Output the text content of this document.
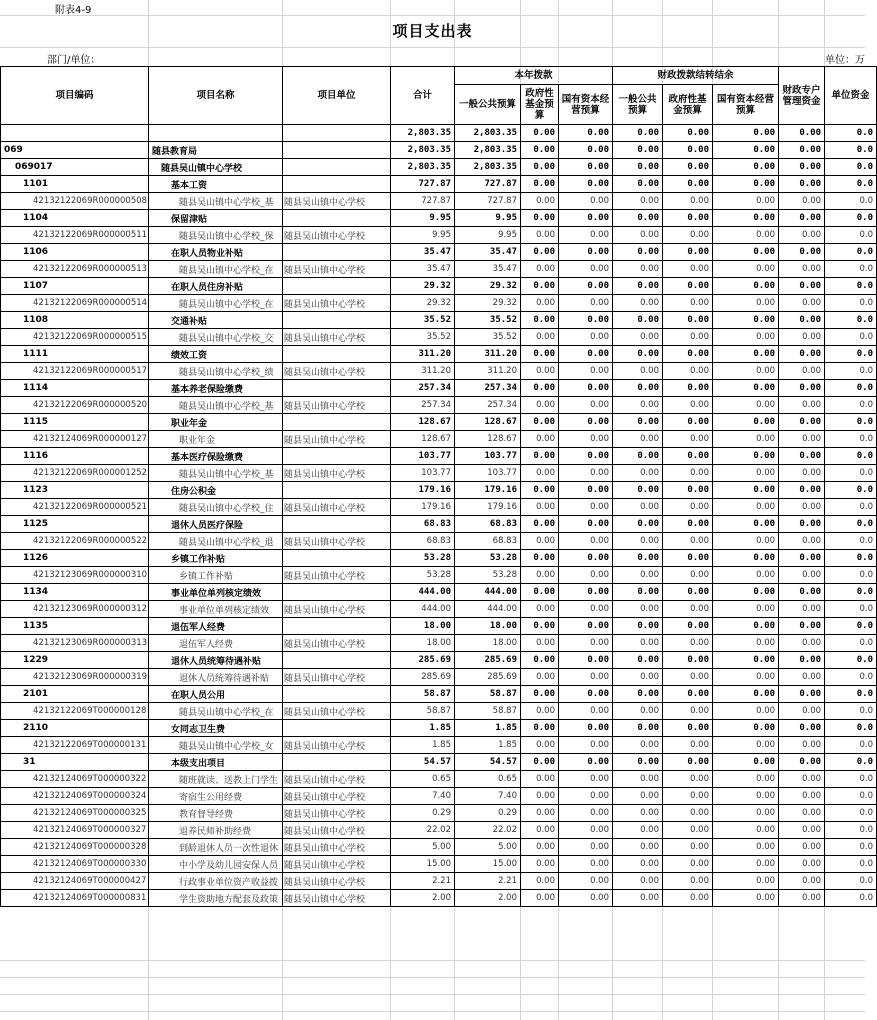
附表4-9
项目支出表
部门/单位：	单位：万
项目编码	项目名称	项目单位	合计	本年拨款			财政拨款结转结余			财政专户管理资金	单位资金
				一般公共预算	政府性基金预算	国有资本经营预算	一般公共预算	政府性基金预算	国有资本经营预算		
			2,803.35	2,803.35	0.00	0.00	0.00	0.00	0.00	0.00	0.0
069	随县教育局		2,803.35	2,803.35	0.00	0.00	0.00	0.00	0.00	0.00	0.0
069017	随县吴山镇中心学校		2,803.35	2,803.35	0.00	0.00	0.00	0.00	0.00	0.00	0.0
1101	基本工资		727.87	727.87	0.00	0.00	0.00	0.00	0.00	0.00	0.0
42132122069R000000508	随县吴山镇中心学校_基	随县吴山镇中心学校	727.87	727.87	0.00	0.00	0.00	0.00	0.00	0.00	0.0
1104	保留津贴		9.95	9.95	0.00	0.00	0.00	0.00	0.00	0.00	0.0
42132122069R000000511	随县吴山镇中心学校_保	随县吴山镇中心学校	9.95	9.95	0.00	0.00	0.00	0.00	0.00	0.00	0.0
1106	在职人员物业补贴		35.47	35.47	0.00	0.00	0.00	0.00	0.00	0.00	0.0
42132122069R000000513	随县吴山镇中心学校_在	随县吴山镇中心学校	35.47	35.47	0.00	0.00	0.00	0.00	0.00	0.00	0.0
1107	在职人员住房补贴		29.32	29.32	0.00	0.00	0.00	0.00	0.00	0.00	0.0
42132122069R000000514	随县吴山镇中心学校_在	随县吴山镇中心学校	29.32	29.32	0.00	0.00	0.00	0.00	0.00	0.00	0.0
1108	交通补贴		35.52	35.52	0.00	0.00	0.00	0.00	0.00	0.00	0.0
42132122069R000000515	随县吴山镇中心学校_交	随县吴山镇中心学校	35.52	35.52	0.00	0.00	0.00	0.00	0.00	0.00	0.0
1111	绩效工资		311.20	311.20	0.00	0.00	0.00	0.00	0.00	0.00	0.0
42132122069R000000517	随县吴山镇中心学校_绩	随县吴山镇中心学校	311.20	311.20	0.00	0.00	0.00	0.00	0.00	0.00	0.0
1114	基本养老保险缴费		257.34	257.34	0.00	0.00	0.00	0.00	0.00	0.00	0.0
42132122069R000000520	随县吴山镇中心学校_基	随县吴山镇中心学校	257.34	257.34	0.00	0.00	0.00	0.00	0.00	0.00	0.0
1115	职业年金		128.67	128.67	0.00	0.00	0.00	0.00	0.00	0.00	0.0
42132124069R000000127	职业年金	随县吴山镇中心学校	128.67	128.67	0.00	0.00	0.00	0.00	0.00	0.00	0.0
1116	基本医疗保险缴费		103.77	103.77	0.00	0.00	0.00	0.00	0.00	0.00	0.0
42132122069R000001252	随县吴山镇中心学校_基	随县吴山镇中心学校	103.77	103.77	0.00	0.00	0.00	0.00	0.00	0.00	0.0
1123	住房公积金		179.16	179.16	0.00	0.00	0.00	0.00	0.00	0.00	0.0
42132122069R000000521	随县吴山镇中心学校_住	随县吴山镇中心学校	179.16	179.16	0.00	0.00	0.00	0.00	0.00	0.00	0.0
1125	退休人员医疗保险		68.83	68.83	0.00	0.00	0.00	0.00	0.00	0.00	0.0
42132122069R000000522	随县吴山镇中心学校_退	随县吴山镇中心学校	68.83	68.83	0.00	0.00	0.00	0.00	0.00	0.00	0.0
1126	乡镇工作补贴		53.28	53.28	0.00	0.00	0.00	0.00	0.00	0.00	0.0
42132123069R000000310	乡镇工作补贴	随县吴山镇中心学校	53.28	53.28	0.00	0.00	0.00	0.00	0.00	0.00	0.0
1134	事业单位单列核定绩效		444.00	444.00	0.00	0.00	0.00	0.00	0.00	0.00	0.0
42132123069R000000312	事业单位单列核定绩效	随县吴山镇中心学校	444.00	444.00	0.00	0.00	0.00	0.00	0.00	0.00	0.0
1135	退伍军人经费		18.00	18.00	0.00	0.00	0.00	0.00	0.00	0.00	0.0
42132123069R000000313	退伍军人经费	随县吴山镇中心学校	18.00	18.00	0.00	0.00	0.00	0.00	0.00	0.00	0.0
1229	退休人员统筹待遇补贴		285.69	285.69	0.00	0.00	0.00	0.00	0.00	0.00	0.0
42132123069R000000319	退休人员统筹待遇补贴	随县吴山镇中心学校	285.69	285.69	0.00	0.00	0.00	0.00	0.00	0.00	0.0
2101	在职人员公用		58.87	58.87	0.00	0.00	0.00	0.00	0.00	0.00	0.0
42132122069T000000128	随县吴山镇中心学校_在	随县吴山镇中心学校	58.87	58.87	0.00	0.00	0.00	0.00	0.00	0.00	0.0
2110	女同志卫生费		1.85	1.85	0.00	0.00	0.00	0.00	0.00	0.00	0.0
42132122069T000000131	随县吴山镇中心学校_女	随县吴山镇中心学校	1.85	1.85	0.00	0.00	0.00	0.00	0.00	0.00	0.0
31	本级支出项目		54.57	54.57	0.00	0.00	0.00	0.00	0.00	0.00	0.0
42132124069T000000322	随班就读、送教上门学生	随县吴山镇中心学校	0.65	0.65	0.00	0.00	0.00	0.00	0.00	0.00	0.0
42132124069T000000324	寄宿生公用经费	随县吴山镇中心学校	7.40	7.40	0.00	0.00	0.00	0.00	0.00	0.00	0.0
42132124069T000000325	教育督导经费	随县吴山镇中心学校	0.29	0.29	0.00	0.00	0.00	0.00	0.00	0.00	0.0
42132124069T000000327	退养民师补助经费	随县吴山镇中心学校	22.02	22.02	0.00	0.00	0.00	0.00	0.00	0.00	0.0
42132124069T000000328	到龄退休人员一次性退休	随县吴山镇中心学校	5.00	5.00	0.00	0.00	0.00	0.00	0.00	0.00	0.0
42132124069T000000330	中小学及幼儿园安保人员	随县吴山镇中心学校	15.00	15.00	0.00	0.00	0.00	0.00	0.00	0.00	0.0
42132124069T000000427	行政事业单位资产收益拨	随县吴山镇中心学校	2.21	2.21	0.00	0.00	0.00	0.00	0.00	0.00	0.0
42132124069T000000831	学生资助地方配套及政策	随县吴山镇中心学校	2.00	2.00	0.00	0.00	0.00	0.00	0.00	0.00	0.0
